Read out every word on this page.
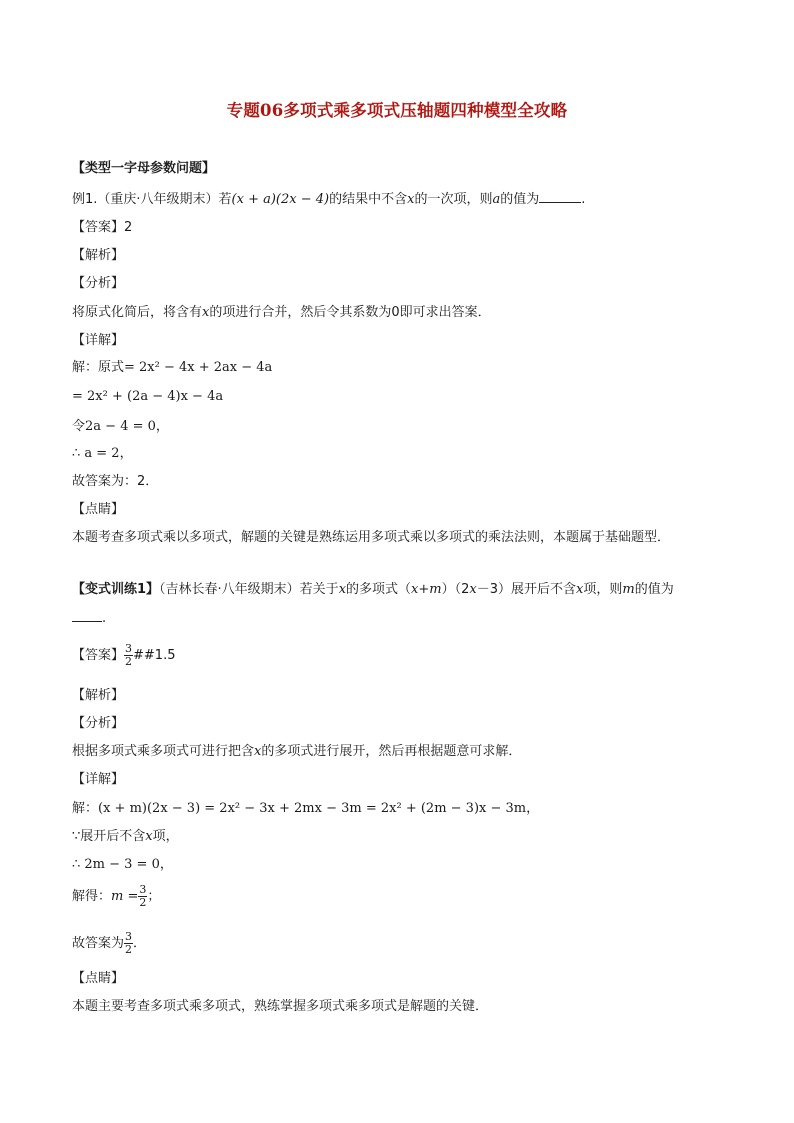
专题06多项式乘多项式压轴题四种模型全攻略
【类型一字母参数问题】
例1.（重庆·八年级期末）若(x + a)(2x − 4)的结果中不含x的一次项，则a的值为	.
【答案】2
【解析】
【分析】
将原式化简后，将含有x的项进行合并，然后令其系数为0即可求出答案．
【详解】
解：原式= 2x² − 4x + 2ax − 4a
= 2x² + (2a − 4)x − 4a
令2a − 4 = 0，
∴ a = 2，
故答案为：2．
【点睛】
本题考查多项式乘以多项式，解题的关键是熟练运用多项式乘以多项式的乘法法则，本题属于基础题型．
【变式训练1】（吉林长春·八年级期末）若关于x的多项式（x+m）（2x－3）展开后不含x项，则m的值为
.
【答案】 $\frac{3}{2}$ ##1.5
【解析】
【分析】
根据多项式乘多项式可进行把含x的多项式进行展开，然后再根据题意可求解．
【详解】
解：(x + m)(2x − 3) = 2x² − 3x + 2mx − 3m = 2x² + (2m − 3)x − 3m，
∵展开后不含x项，
∴ 2m − 3 = 0，
解得：$m = \frac{3}{2}$ ；
故答案为 $\frac{3}{2}$ ．
【点睛】
本题主要考查多项式乘多项式，熟练掌握多项式乘多项式是解题的关键．
